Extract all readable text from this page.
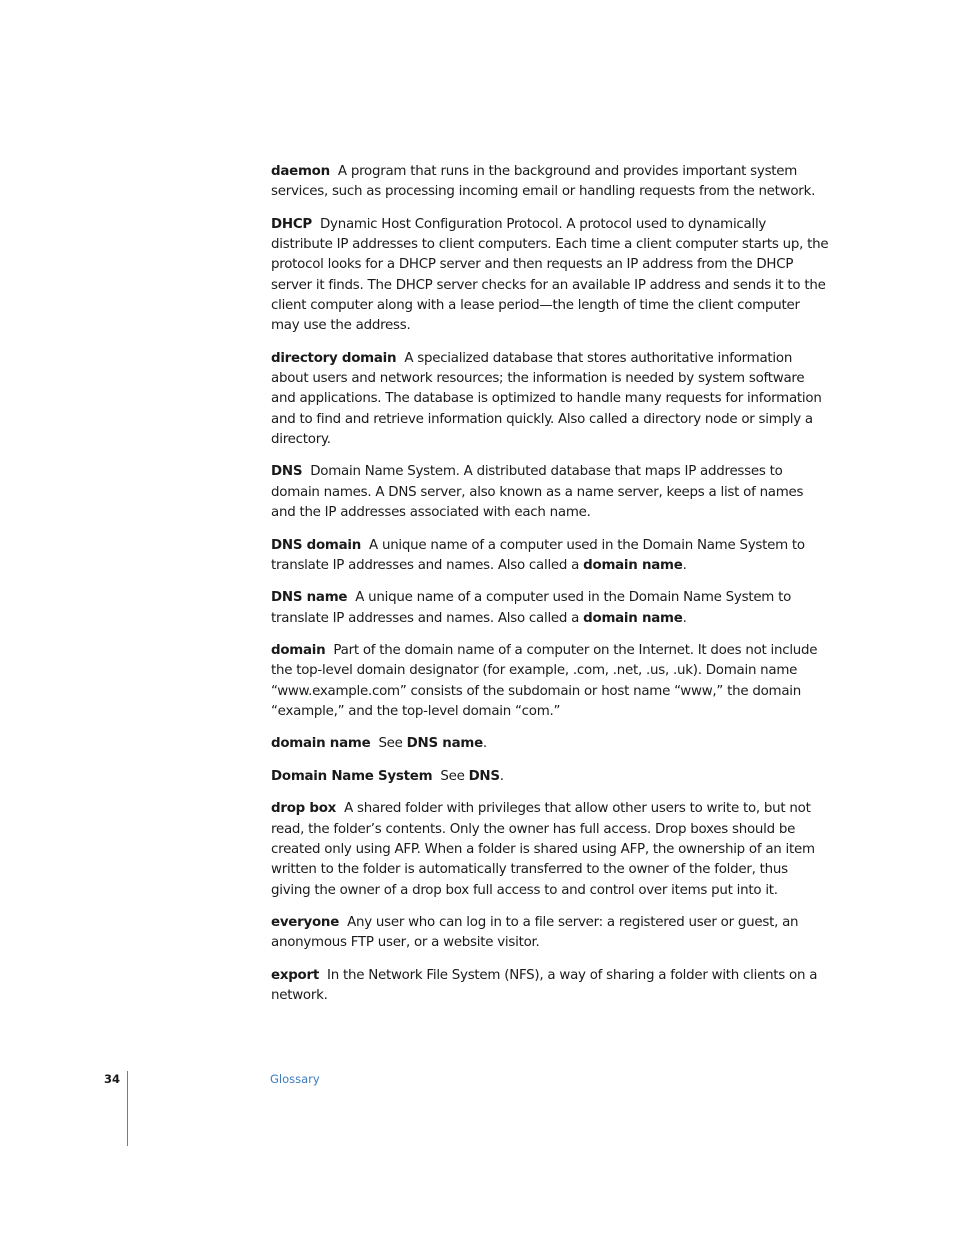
daemon A program that runs in the background and provides important system services, such as processing incoming email or handling requests from the network.

DHCP Dynamic Host Configuration Protocol. A protocol used to dynamically distribute IP addresses to client computers. Each time a client computer starts up, the protocol looks for a DHCP server and then requests an IP address from the DHCP server it finds. The DHCP server checks for an available IP address and sends it to the client computer along with a lease period—the length of time the client computer may use the address.

directory domain A specialized database that stores authoritative information about users and network resources; the information is needed by system software and applications. The database is optimized to handle many requests for information and to find and retrieve information quickly. Also called a directory node or simply a directory.

DNS Domain Name System. A distributed database that maps IP addresses to domain names. A DNS server, also known as a name server, keeps a list of names and the IP addresses associated with each name.

DNS domain A unique name of a computer used in the Domain Name System to translate IP addresses and names. Also called a domain name.

DNS name A unique name of a computer used in the Domain Name System to translate IP addresses and names. Also called a domain name.

domain Part of the domain name of a computer on the Internet. It does not include the top-level domain designator (for example, .com, .net, .us, .uk). Domain name “www.example.com” consists of the subdomain or host name “www,” the domain “example,” and the top-level domain “com.”

domain name See DNS name.

Domain Name System See DNS.

drop box A shared folder with privileges that allow other users to write to, but not read, the folder’s contents. Only the owner has full access. Drop boxes should be created only using AFP. When a folder is shared using AFP, the ownership of an item written to the folder is automatically transferred to the owner of the folder, thus giving the owner of a drop box full access to and control over items put into it.

everyone Any user who can log in to a file server: a registered user or guest, an anonymous FTP user, or a website visitor.

export In the Network File System (NFS), a way of sharing a folder with clients on a network.

34	Glossary
